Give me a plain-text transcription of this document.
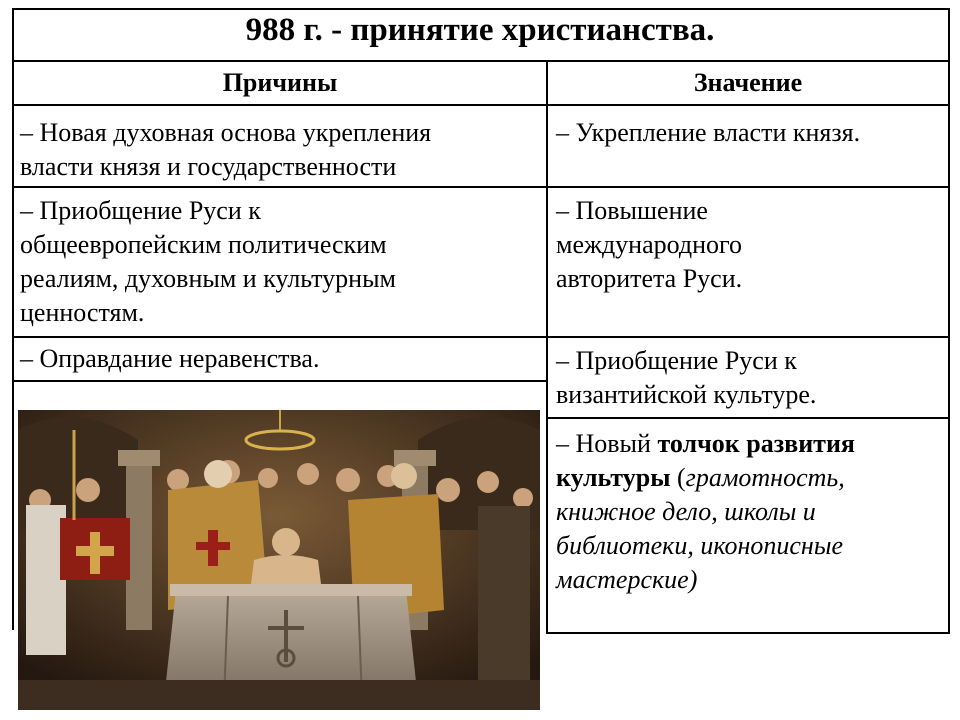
988 г. - принятие христианства.
Причины	Значение
– Новая духовная основа укрепления
власти князя и государственности
– Приобщение Руси к
общеевропейским политическим
реалиям, духовным и культурным
ценностям.
– Оправдание неравенства.
– Укрепление власти князя.
– Повышение
международного
авторитета Руси.
– Приобщение Руси к
византийской культуре.
– Новый толчок развития
культуры (грамотность,
книжное дело, школы и
библиотеки, иконописные
мастерские)
